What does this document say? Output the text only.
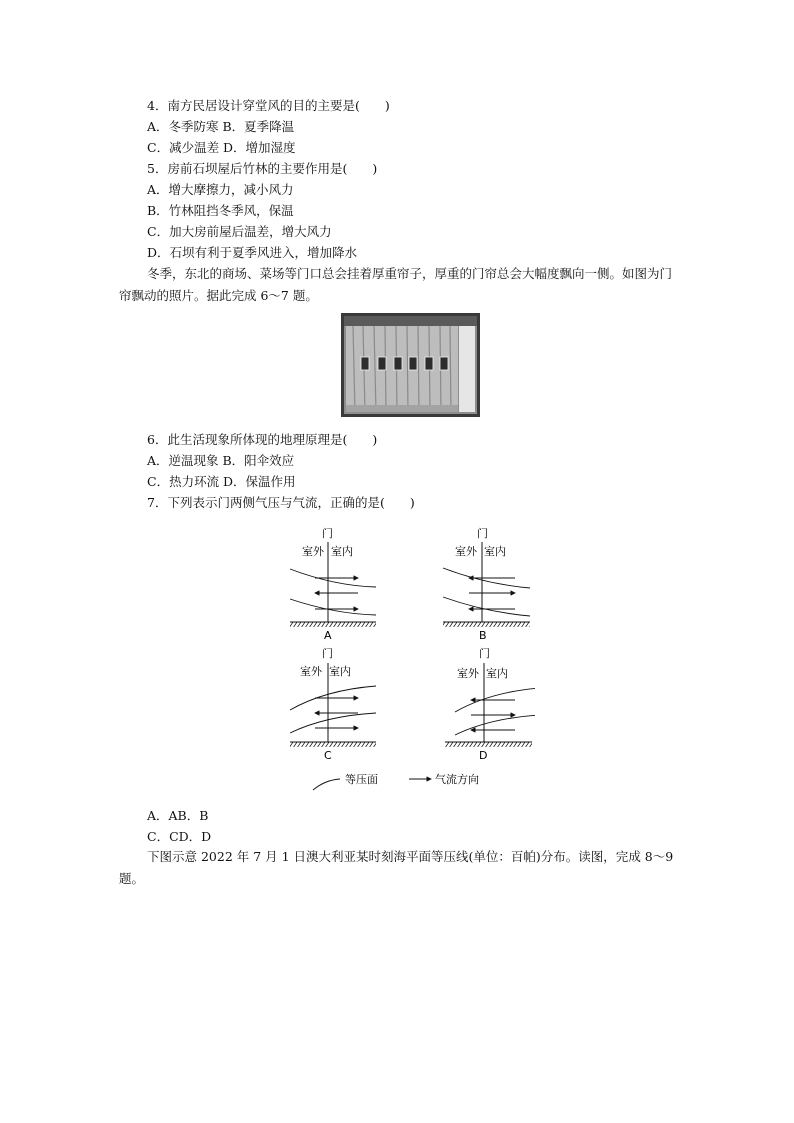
4．南方民居设计穿堂风的目的主要是(　　)
A．冬季防寒 B．夏季降温
C．减少温差 D．增加湿度
5．房前石坝屋后竹林的主要作用是(　　)
A．增大摩擦力，减小风力
B．竹林阻挡冬季风，保温
C．加大房前屋后温差，增大风力
D．石坝有利于夏季风进入，增加降水
冬季，东北的商场、菜场等门口总会挂着厚重帘子，厚重的门帘总会大幅度飘向一侧。如图为门帘飘动的照片。据此完成 6～7 题。
6．此生活现象所体现的地理原理是(　　)
A．逆温现象 B．阳伞效应
C．热力环流 D．保温作用
7．下列表示门两侧气压与气流，正确的是(　　)
门
室外 室内
A
门
室外 室内
B
门
室外 室内
C
门
室外 室内
D
等压面	气流方向
A．AB．B
C．CD．D
下图示意 2022 年 7 月 1 日澳大利亚某时刻海平面等压线(单位：百帕)分布。读图，完成 8～9 题。
